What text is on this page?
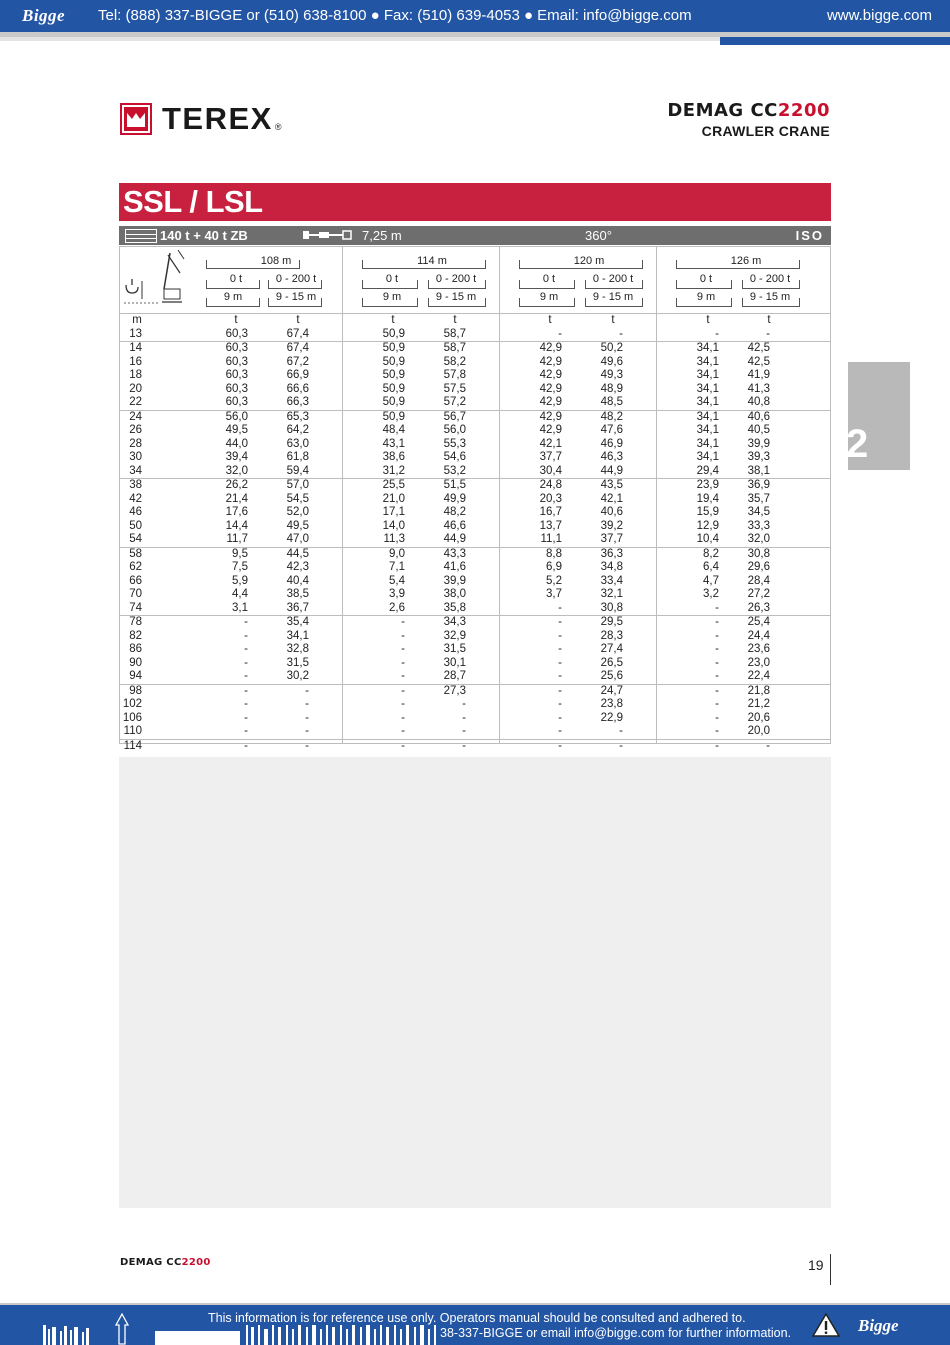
Bigge Tel: (888) 337-BIGGE or (510) 638-8100 ● Fax: (510) 639-4053 ● Email: info@bigge.com	www.bigge.com
TEREX ®
DEMAG CC2200
CRAWLER CRANE
SSL / LSL
140 t + 40 t ZB	7,25 m	360°	ISO
108 m
0 t	0 - 200 t
9 m	9 - 15 m
114 m
0 t	0 - 200 t
9 m	9 - 15 m
120 m
0 t	0 - 200 t
9 m	9 - 15 m
126 m
0 t	0 - 200 t
9 m	9 - 15 m
m	t	t	t	t	t	t	t	t
13	60,3	67,4	50,9	58,7	-	-	-	-
14	60,3	67,4	50,9	58,7	42,9	50,2	34,1	42,5
16	60,3	67,2	50,9	58,2	42,9	49,6	34,1	42,5
18	60,3	66,9	50,9	57,8	42,9	49,3	34,1	41,9
20	60,3	66,6	50,9	57,5	42,9	48,9	34,1	41,3
22	60,3	66,3	50,9	57,2	42,9	48,5	34,1	40,8
24	56,0	65,3	50,9	56,7	42,9	48,2	34,1	40,6
26	49,5	64,2	48,4	56,0	42,9	47,6	34,1	40,5
28	44,0	63,0	43,1	55,3	42,1	46,9	34,1	39,9
30	39,4	61,8	38,6	54,6	37,7	46,3	34,1	39,3
34	32,0	59,4	31,2	53,2	30,4	44,9	29,4	38,1
38	26,2	57,0	25,5	51,5	24,8	43,5	23,9	36,9
42	21,4	54,5	21,0	49,9	20,3	42,1	19,4	35,7
46	17,6	52,0	17,1	48,2	16,7	40,6	15,9	34,5
50	14,4	49,5	14,0	46,6	13,7	39,2	12,9	33,3
54	11,7	47,0	11,3	44,9	11,1	37,7	10,4	32,0
58	9,5	44,5	9,0	43,3	8,8	36,3	8,2	30,8
62	7,5	42,3	7,1	41,6	6,9	34,8	6,4	29,6
66	5,9	40,4	5,4	39,9	5,2	33,4	4,7	28,4
70	4,4	38,5	3,9	38,0	3,7	32,1	3,2	27,2
74	3,1	36,7	2,6	35,8	-	30,8	-	26,3
78	-	35,4	-	34,3	-	29,5	-	25,4
82	-	34,1	-	32,9	-	28,3	-	24,4
86	-	32,8	-	31,5	-	27,4	-	23,6
90	-	31,5	-	30,1	-	26,5	-	23,0
94	-	30,2	-	28,7	-	25,6	-	22,4
98	-	-	-	27,3	-	24,7	-	21,8
102	-	-	-	-	-	23,8	-	21,2
106	-	-	-	-	-	22,9	-	20,6
110	-	-	-	-	-	-	-	20,0
114	-	-	-	-	-	-	-	-
2
DEMAG CC2200	19
This information is for reference use only. Operators manual should be consulted and adhered to.
38-337-BIGGE or email info@bigge.com for further information.	Bigge
